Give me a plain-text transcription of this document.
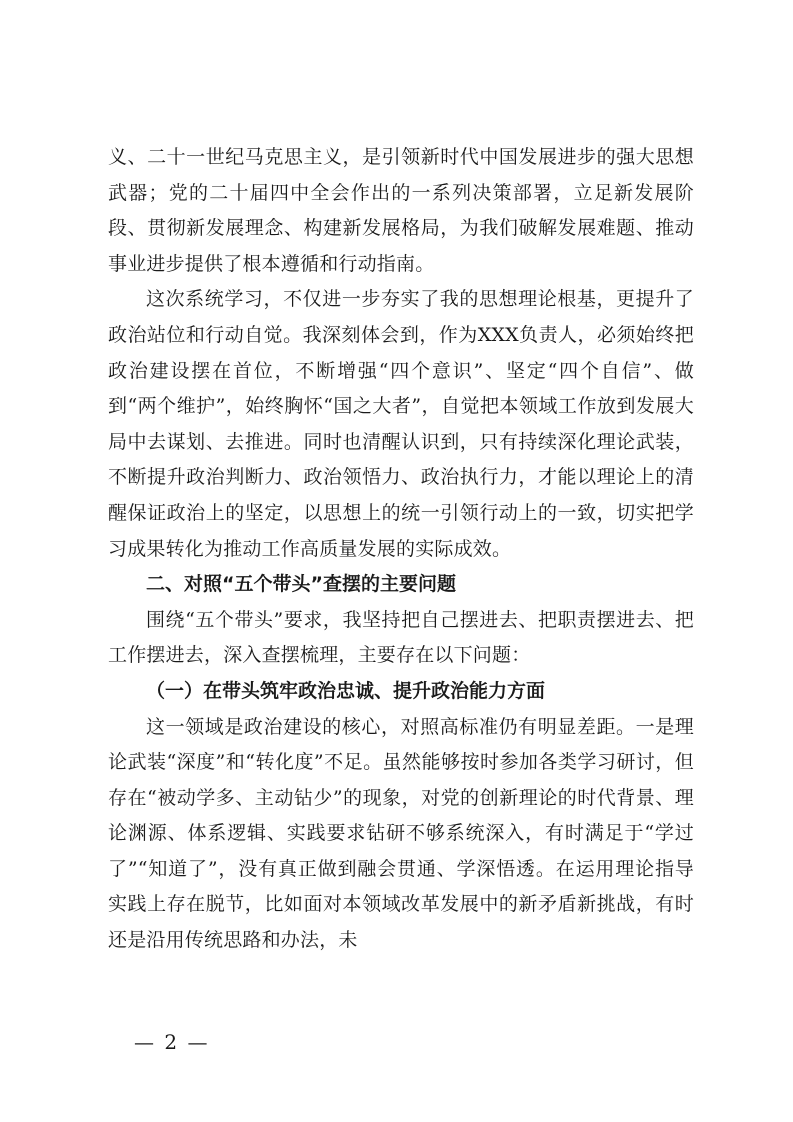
义、二十一世纪马克思主义，是引领新时代中国发展进步的强大思想武器；党的二十届四中全会作出的一系列决策部署，立足新发展阶段、贯彻新发展理念、构建新发展格局，为我们破解发展难题、推动事业进步提供了根本遵循和行动指南。

这次系统学习，不仅进一步夯实了我的思想理论根基，更提升了政治站位和行动自觉。我深刻体会到，作为XXX负责人，必须始终把政治建设摆在首位，不断增强“四个意识”、坚定“四个自信”、做到“两个维护”，始终胸怀“国之大者”，自觉把本领域工作放到发展大局中去谋划、去推进。同时也清醒认识到，只有持续深化理论武装，不断提升政治判断力、政治领悟力、政治执行力，才能以理论上的清醒保证政治上的坚定，以思想上的统一引领行动上的一致，切实把学习成果转化为推动工作高质量发展的实际成效。

二、对照“五个带头”查摆的主要问题

围绕“五个带头”要求，我坚持把自己摆进去、把职责摆进去、把工作摆进去，深入查摆梳理，主要存在以下问题：

（一）在带头筑牢政治忠诚、提升政治能力方面

这一领域是政治建设的核心，对照高标准仍有明显差距。一是理论武装“深度”和“转化度”不足。虽然能够按时参加各类学习研讨，但存在“被动学多、主动钻少”的现象，对党的创新理论的时代背景、理论渊源、体系逻辑、实践要求钻研不够系统深入，有时满足于“学过了”“知道了”，没有真正做到融会贯通、学深悟透。在运用理论指导实践上存在脱节，比如面对本领域改革发展中的新矛盾新挑战，有时还是沿用传统思路和办法，未

— 2 —
